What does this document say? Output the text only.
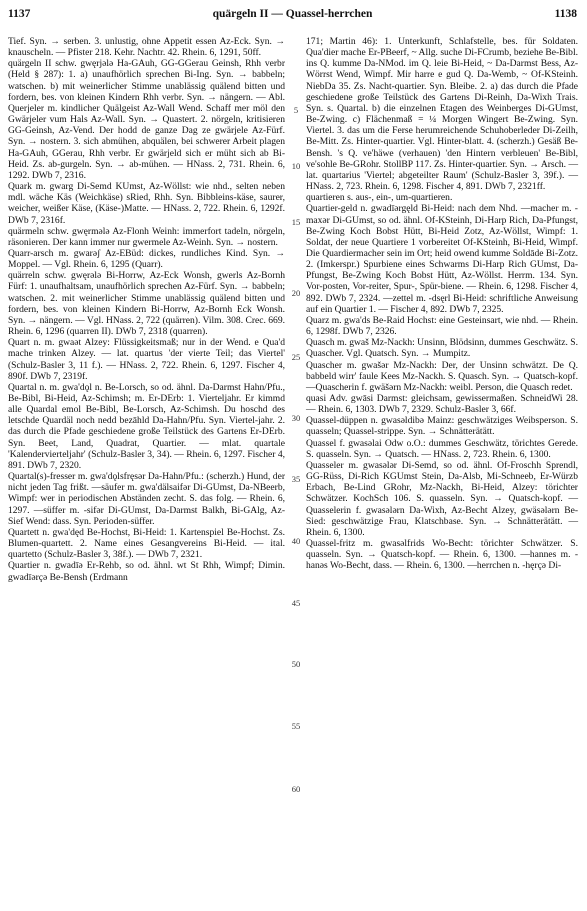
1137	quärgeln II — Quassel-herrchen	1138

Tief. Syn. → serben. 3. unlustig, ohne Appetit essen Az-Eck. Syn. → knauscheln. — Pfister 218. Kehr. Nachtr. 42. Rhein. 6, 1291, 50ff.

quärgeln II schw. gwęrjǝlǝ Ha-GAuh, GG-GGerau Geinsh, Rhh verbr (Held § 287): 1. a) unaufhörlich sprechen Bi-Ing. Syn. → babbeln; watschen. b) mit weinerlicher Stimme unablässig quälend bitten und fordern, bes. von kleinen Kindern Rhh verbr. Syn. → nängern. — Abl. Querjeler m. kindlicher Quälgeist Az-Wall Wend. Schaff mer möl den Gwärjeler vum Hals Az-Wall. Syn. → Quastert. 2. nörgeln, kritisieren GG-Geinsh, Az-Vend. Der hodd de ganze Dag ze gwärjele Az-Fürf. Syn. → nostern. 3. sich abmühen, abquälen, bei schwerer Arbeit plagen Ha-GAuh, GGerau, Rhh verbr. Er gwärjeld sich er müht sich ab Bi-Heid. Zs. ab-gurgeln. Syn. → ab-mühen. — HNass. 2, 731. Rhein. 6, 1292. DWb 7, 2316.

Quark m. gwarg Di-Semd KUmst, Az-Wöllst: wie nhd., selten neben mdl. wäche Käs (Weichkäse) sRied, Rhh. Syn. Bibbleins-käse, saurer, weicher, weißer Käse, (Käse-)Matte. — HNass. 2, 722. Rhein. 6, 1292f. DWb 7, 2316f.

quärmeln schw. gwęrmǝlǝ Az-Flonh Weinh: immerfort tadeln, nörgeln, räsonieren. Der kann immer nur gwermele Az-Weinh. Syn. → nostern.

Quarr-arsch m. gwarǝʃ Az-EBüd: dickes, rundliches Kind. Syn. → Moppel. — Vgl. Rhein. 6, 1295 (Quarr).

quärreln schw. gwęrǝlǝ Bi-Horrw, Az-Eck Wonsh, gwerls Az-Bornh Fürf: 1. unaufhaltsam, unaufhörlich sprechen Az-Fürf. Syn. → babbeln; watschen. 2. mit weinerlicher Stimme unablässig quälend bitten und fordern, bes. von kleinen Kindern Bi-Horrw, Az-Bornh Eck Wonsh. Syn. → nängern. — Vgl. HNass. 2, 722 (quärren). Vilm. 308. Crec. 669. Rhein. 6, 1296 (quarren II). DWb 7, 2318 (quarren).

Quart n. m. gwaǝt Alzey: Flüssigkeitsmaß; nur in der Wend. e Qua'd mache trinken Alzey. — lat. quartus 'der vierte Teil; das Viertel' (Schulz-Basler 3, 11 f.). — HNass. 2, 722. Rhein. 6, 1297. Fischer 4, 890f. DWb 7, 2319f.

Quartal n. m. gwa'dǫl n. Be-Lorsch, so od. ähnl. Da-Darmst Hahn/Pfu., Be-Bibl, Bi-Heid, Az-Schimsh; m. Er-DErb: 1. Vierteljahr. Er kimmd alle Quardal emol Be-Bibl, Be-Lorsch, Az-Schimsh. Du hoschd des letschde Quardäl noch nedd bezāhld Da-Hahn/Pfu. Syn. Viertel-jahr. 2. das durch die Pfade geschiedene große Teilstück des Gartens Er-DErb. Syn. Beet, Land, Quadrat, Quartier. — mlat. quartale 'Kalendervierteljahr' (Schulz-Basler 3, 34). — Rhein. 6, 1297. Fischer 4, 891. DWb 7, 2320.

Quartal(s)-fresser m. gwa'dǫlsfręsǝr Da-Hahn/Pfu.: (scherzh.) Hund, der nicht jeden Tag frißt. —säufer m. gwa'dälsaifǝr Di-GUmst, Da-NBeerb, Wimpf: wer in periodischen Abständen zecht. S. das folg. — Rhein. 6, 1297. —süffer m. -sifǝr Di-GUmst, Da-Darmst Balkh, Bi-GAlg, Az-Sief Wend: dass. Syn. Perioden-süffer.

Quartett n. gwa'dęd Be-Hochst, Bi-Heid: 1. Kartenspiel Be-Hochst. Zs. Blumen-quartett. 2. Name eines Gesangvereins Bi-Heid. — ital. quartetto (Schulz-Basler 3, 38f.). — DWb 7, 2321.

Quartier n. gwadīǝ Er-Rehb, so od. ähnl. wt St Rhh, Wimpf; Dimin. gwadīǝrçǝ Be-Bensh (Erdmann

5
10
15
20
25
30
35
40
45
50
55
60

171; Martin 46): 1. Unterkunft, Schlafstelle, bes. für Soldaten. Qua'dier mache Er-PBeerf, ~ Allg. suche Di-FCrumb, beziehe Be-Bibl. ins Q. kumme Da-NMod. im Q. leie Bi-Heid, ~ Da-Darmst Bess, Az-Wörrst Wend, Wimpf. Mir harre e gud Q. Da-Wemb, ~ Of-KSteinh. NiebDa 35. Zs. Nacht-quartier. Syn. Bleibe. 2. a) das durch die Pfade geschiedene große Teilstück des Gartens Di-Reinh, Da-Wixh Trais. Syn. s. Quartal. b) die einzelnen Etagen des Weinberges Di-GUmst, Be-Zwing. c) Flächenmaß = ¼ Morgen Wingert Be-Zwing. Syn. Viertel. 3. das um die Ferse herumreichende Schuhoberleder Di-Zeilh, Be-Mitt. Zs. Hinter-quartier. Vgl. Hinter-blatt. 4. (scherzh.) Gesäß Be-Bensh. 's Q. ve'häwe (verhauen) 'den Hintern verbleuen' Be-Bibl, ve'sohle Be-GRohr. StollBP 117. Zs. Hinter-quartier. Syn. → Arsch. — lat. quartarius 'Viertel; abgeteilter Raum' (Schulz-Basler 3, 39f.). — HNass. 2, 723. Rhein. 6, 1298. Fischer 4, 891. DWb 7, 2321ff.

quartieren s. aus-, ein-, um-quartieren.

Quartier-geld n. gwadīǝrgęld Bi-Heid: nach dem Nhd. —macher m. -maxǝr Di-GUmst, so od. ähnl. Of-KSteinh, Di-Harp Rich, Da-Pfungst, Be-Zwing Koch Bobst Hütt, Bi-Heid Zotz, Az-Wöllst, Wimpf: 1. Soldat, der neue Quartiere 1 vorbereitet Of-KSteinh, Bi-Heid, Wimpf. Die Quardiermacher sein im Ort; heid owend kumme Soldāde Bi-Zotz. 2. (Imkerspr.) Spurbiene eines Schwarms Di-Harp Rich GUmst, Da-Pfungst, Be-Zwing Koch Bobst Hütt, Az-Wöllst. Herrm. 134. Syn. Vor-posten, Vor-reiter, Spur-, Spür-biene. — Rhein. 6, 1298. Fischer 4, 892. DWb 7, 2324. —zettel m. -dsęrl Bi-Heid: schriftliche Anweisung auf ein Quartier 1. — Fischer 4, 892. DWb 7, 2325.

Quarz m. gwa'ds Be-Raid Hochst: eine Gesteinsart, wie nhd. — Rhein. 6, 1298f. DWb 7, 2326.

Quasch m. gwaš Mz-Nackh: Unsinn, Blödsinn, dummes Geschwätz. S. Quascher. Vgl. Quatsch. Syn. → Mumpitz.

Quascher m. gwašǝr Mz-Nackh: Der, der Unsinn schwätzt. De Q. babbeld wirr' faule Kees Mz-Nackh. S. Quasch. Syn. → Quatsch-kopf. —Quascherin f. gwäšǝrn Mz-Nackh: weibl. Person, die Quasch redet.

quasi Adv. gwāsi Darmst: gleichsam, gewissermaßen. SchneidWi 28. — Rhein. 6, 1303. DWb 7, 2329. Schulz-Basler 3, 66f.

Quassel-düppen n. gwasǝldibǝ Mainz: geschwätziges Weibsperson. S. quasseln; Quassel-strippe. Syn. → Schnätterätätt.

Quassel f. gwasǝlai Odw o.O.: dummes Geschwätz, törichtes Gerede. S. quasseln. Syn. → Quatsch. — HNass. 2, 723. Rhein. 6, 1300.

Quasseler m. gwasǝlǝr Di-Semd, so od. ähnl. Of-Froschh Sprendl, GG-Rüss, Di-Rich KGUmst Stein, Da-Alsb, Mi-Schneeb, Er-Würzb Erbach, Be-Lind GRohr, Mz-Nackh, Bi-Heid, Alzey: törichter Schwätzer. KochSch 106. S. quasseln. Syn. → Quatsch-kopf. — Quasselerin f. gwasǝlǝrn Da-Wixh, Az-Becht Alzey, gwäsǝlǝrn Be-Sied: geschwätzige Frau, Klatschbase. Syn. → Schnätterätätt. — Rhein. 6, 1300.

Quassel-fritz m. gwasǝlfrids Wo-Becht: törichter Schwätzer. S. quasseln. Syn. → Quatsch-kopf. — Rhein. 6, 1300. —hannes m. -hanǝs Wo-Becht, dass. — Rhein. 6, 1300. —herrchen n. -hęrçǝ Di-
